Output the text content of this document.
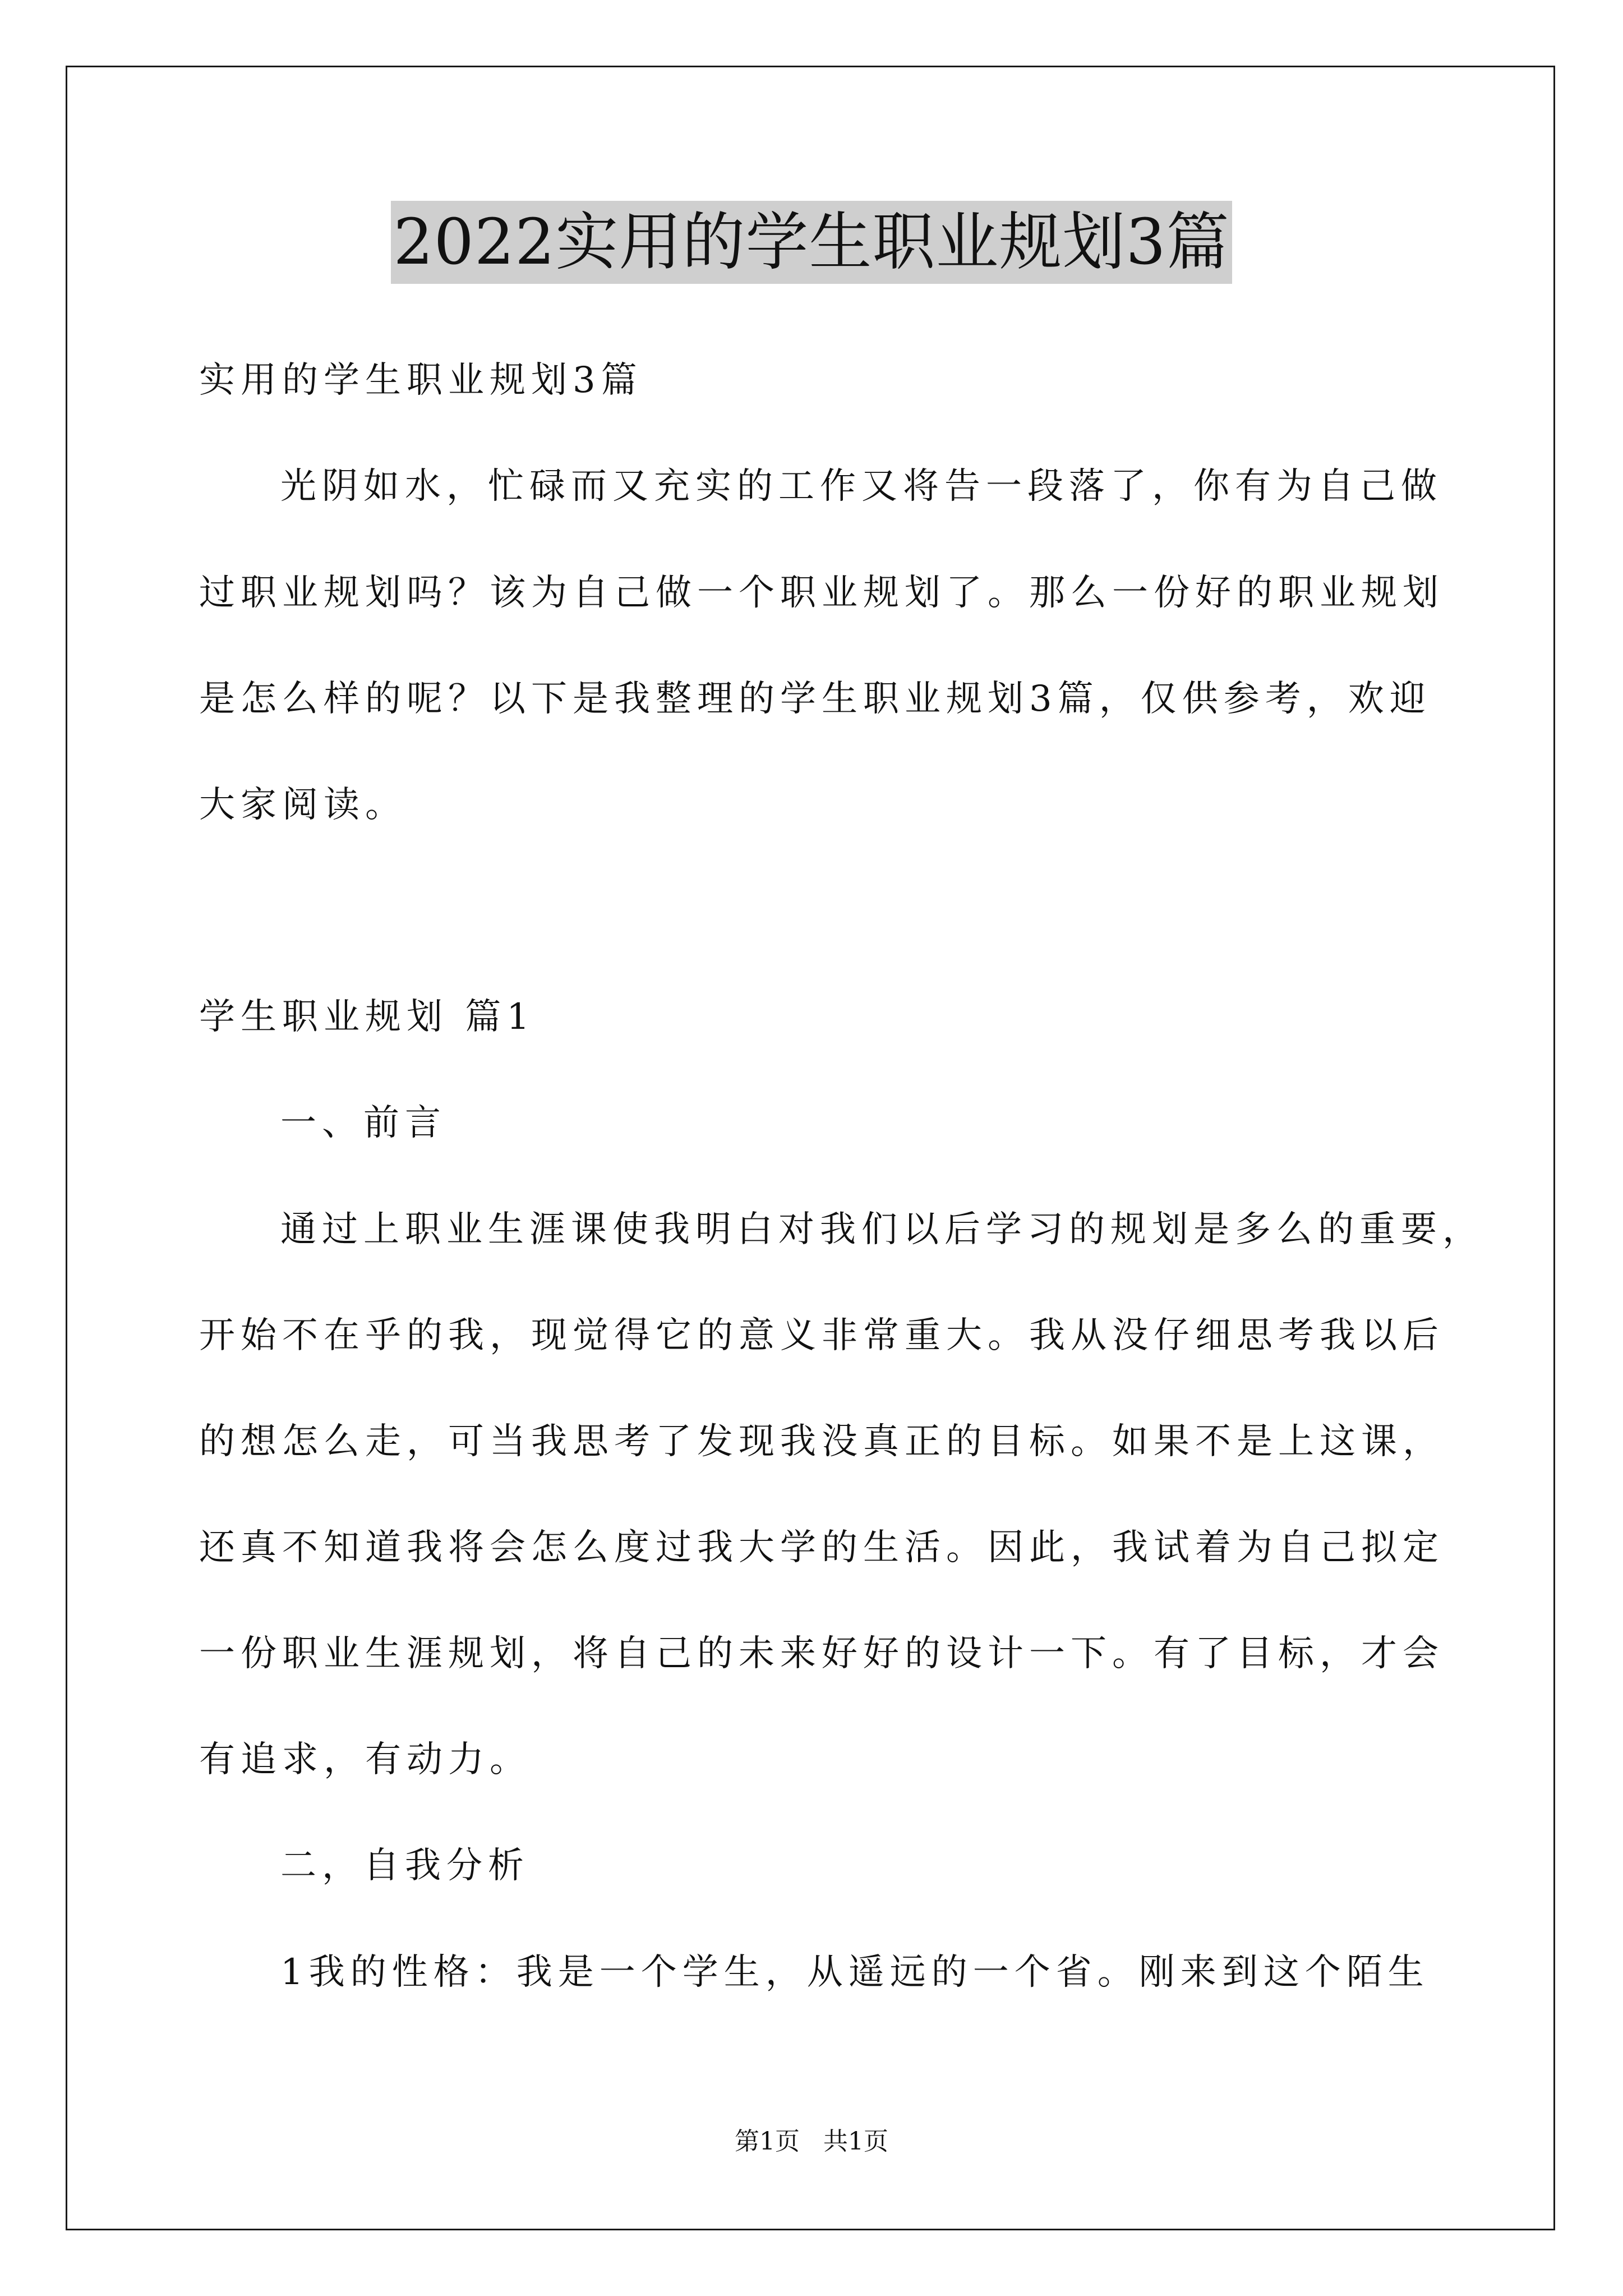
2022实用的学生职业规划3篇
实用的学生职业规划3篇
光阴如水，忙碌而又充实的工作又将告一段落了，你有为自己做
过职业规划吗？该为自己做一个职业规划了。那么一份好的职业规划
是怎么样的呢？以下是我整理的学生职业规划3篇，仅供参考，欢迎
大家阅读。
学生职业规划 篇1
一、前言
通过上职业生涯课使我明白对我们以后学习的规划是多么的重要，
开始不在乎的我，现觉得它的意义非常重大。我从没仔细思考我以后
的想怎么走，可当我思考了发现我没真正的目标。如果不是上这课，
还真不知道我将会怎么度过我大学的生活。因此，我试着为自己拟定
一份职业生涯规划，将自己的未来好好的设计一下。有了目标，才会
有追求，有动力。
二，自我分析
1我的性格：我是一个学生，从遥远的一个省。刚来到这个陌生
第1页   共1页
